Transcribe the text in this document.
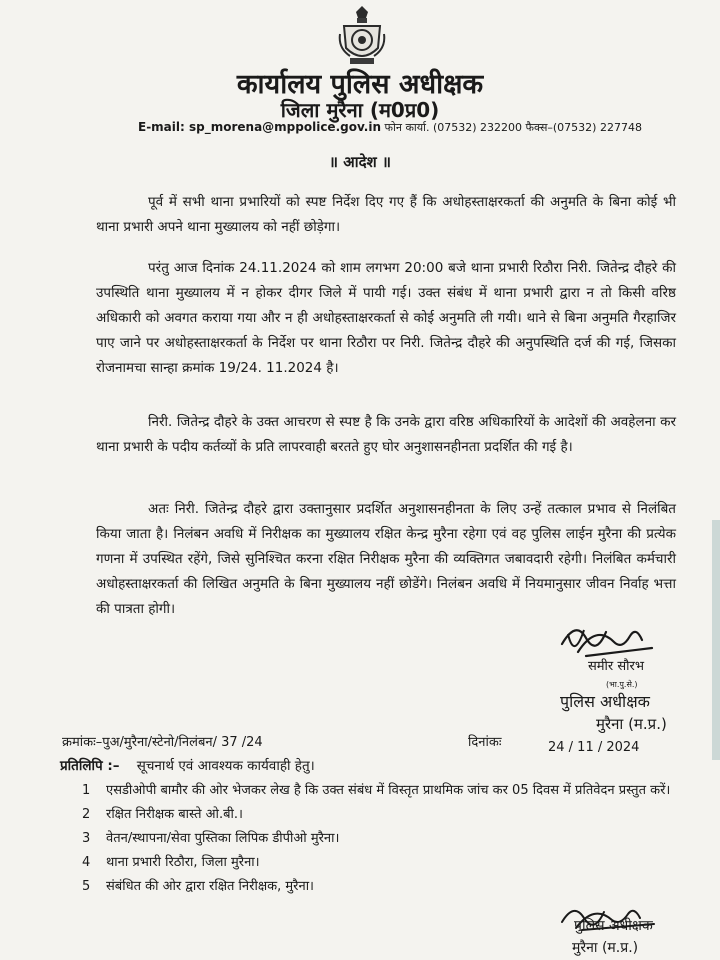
कार्यालय पुलिस अधीक्षक
जिला मुरैना (म0प्र0)
E-mail: sp_morena@mppolice.gov.in फोन कार्या. (07532) 232200 फैक्स–(07532) 227748
॥ आदेश ॥

पूर्व में सभी थाना प्रभारियों को स्पष्ट निर्देश दिए गए हैं कि अधोहस्ताक्षरकर्ता की अनुमति के बिना कोई भी थाना प्रभारी अपने थाना मुख्यालय को नहीं छोड़ेगा।

परंतु आज दिनांक 24.11.2024 को शाम लगभग 20:00 बजे थाना प्रभारी रिठौरा निरी. जितेन्द्र दौहरे की उपस्थिति थाना मुख्यालय में न होकर दीगर जिले में पायी गई। उक्त संबंध में थाना प्रभारी द्वारा न तो किसी वरिष्ठ अधिकारी को अवगत कराया गया और न ही अधोहस्ताक्षरकर्ता से कोई अनुमति ली गयी। थाने से बिना अनुमति गैरहाजिर पाए जाने पर अधोहस्ताक्षरकर्ता के निर्देश पर थाना रिठौरा पर निरी. जितेन्द्र दौहरे की अनुपस्थिति दर्ज की गई, जिसका रोजनामचा सान्हा क्रमांक 19/24. 11.2024 है।

निरी. जितेन्द्र दौहरे के उक्त आचरण से स्पष्ट है कि उनके द्वारा वरिष्ठ अधिकारियों के आदेशों की अवहेलना कर थाना प्रभारी के पदीय कर्तव्यों के प्रति लापरवाही बरतते हुए घोर अनुशासनहीनता प्रदर्शित की गई है।

अतः निरी. जितेन्द्र दौहरे द्वारा उक्तानुसार प्रदर्शित अनुशासनहीनता के लिए उन्हें तत्काल प्रभाव से निलंबित किया जाता है। निलंबन अवधि में निरीक्षक का मुख्यालय रक्षित केन्द्र मुरैना रहेगा एवं वह पुलिस लाईन मुरैना की प्रत्येक गणना में उपस्थित रहेंगे, जिसे सुनिश्चित करना रक्षित निरीक्षक मुरैना की व्यक्तिगत जबावदारी रहेगी। निलंबित कर्मचारी अधोहस्ताक्षरकर्ता की लिखित अनुमति के बिना मुख्यालय नहीं छोडेंगे। निलंबन अवधि में नियमानुसार जीवन निर्वाह भत्ता की पात्रता होगी।

समीर सौरभ
(भा.पु.से.)
पुलिस अधीक्षक
मुरैना (म.प्र.)
क्रमांकः–पुअ/मुरैना/स्टेनो/निलंबन/ 37 /24	दिनांकः	24 / 11 / 2024
प्रतिलिपि :– सूचनार्थ एवं आवश्यक कार्यवाही हेतु।
1 एसडीओपी बामौर की ओर भेजकर लेख है कि उक्त संबंध में विस्तृत प्राथमिक जांच कर 05 दिवस में प्रतिवेदन प्रस्तुत करें।
2 रक्षित निरीक्षक बास्ते ओ.बी.।
3 वेतन/स्थापना/सेवा पुस्तिका लिपिक डीपीओ मुरैना।
4 थाना प्रभारी रिठौरा, जिला मुरैना।
5 संबंधित की ओर द्वारा रक्षित निरीक्षक, मुरैना।
पुलिस अधीक्षक
मुरैना (म.प्र.)
